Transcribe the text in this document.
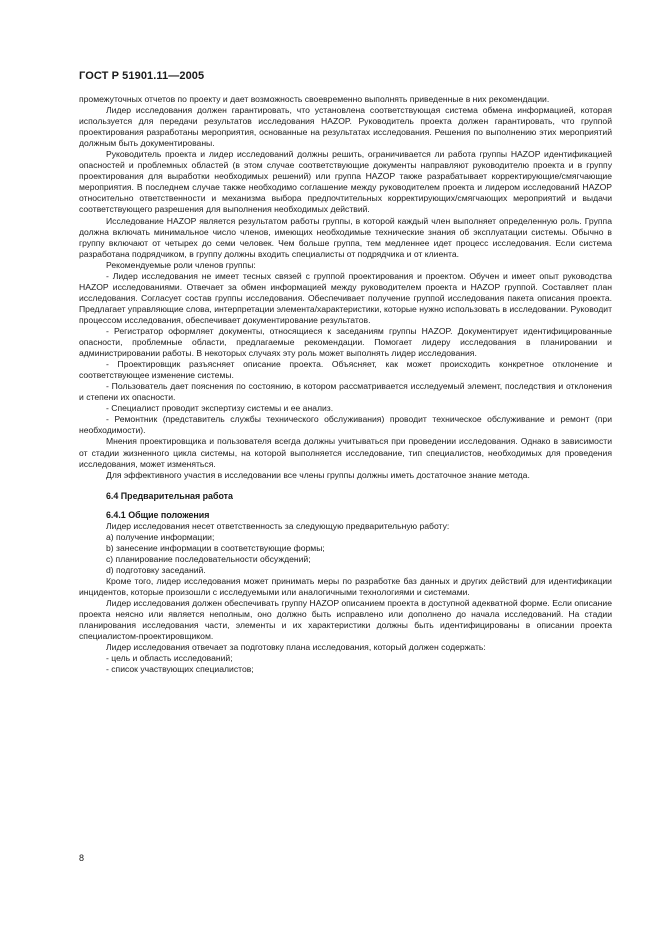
ГОСТ Р 51901.11—2005

промежуточных отчетов по проекту и дает возможность своевременно выполнять приведенные в них рекомендации.

Лидер исследования должен гарантировать, что установлена соответствующая система обмена информацией, которая используется для передачи результатов исследования HAZOP. Руководитель проекта должен гарантировать, что группой проектирования разработаны мероприятия, основанные на результатах исследования. Решения по выполнению этих мероприятий должным быть документированы.

Руководитель проекта и лидер исследований должны решить, ограничивается ли работа группы HAZOP идентификацией опасностей и проблемных областей (в этом случае соответствующие документы направляют руководителю проекта и в группу проектирования для выработки необходимых решений) или группа HAZOP также разрабатывает корректирующие/смягчающие мероприятия. В последнем случае также необходимо соглашение между руководителем проекта и лидером исследований HAZOP относительно ответственности и механизма выбора предпочтительных корректирующих/смягчающих мероприятий и выдачи соответствующего разрешения для выполнения необходимых действий.

Исследование HAZOP является результатом работы группы, в которой каждый член выполняет определенную роль. Группа должна включать минимальное число членов, имеющих необходимые технические знания об эксплуатации системы. Обычно в группу включают от четырех до семи человек. Чем больше группа, тем медленнее идет процесс исследования. Если система разработана подрядчиком, в группу должны входить специалисты от подрядчика и от клиента.

Рекомендуемые роли членов группы:

- Лидер исследования не имеет тесных связей с группой проектирования и проектом. Обучен и имеет опыт руководства HAZOP исследованиями. Отвечает за обмен информацией между руководителем проекта и HAZOP группой. Составляет план исследования. Согласует состав группы исследования. Обеспечивает получение группой исследования пакета описания проекта. Предлагает управляющие слова, интерпретации элемента/характеристики, которые нужно использовать в исследовании. Руководит процессом исследования, обеспечивает документирование результатов.

- Регистратор оформляет документы, относящиеся к заседаниям группы HAZOP. Документирует идентифицированные опасности, проблемные области, предлагаемые рекомендации. Помогает лидеру исследования в планировании и администрировании работы. В некоторых случаях эту роль может выполнять лидер исследования.

- Проектировщик разъясняет описание проекта. Объясняет, как может происходить конкретное отклонение и соответствующее изменение системы.

- Пользователь дает пояснения по состоянию, в котором рассматривается исследуемый элемент, последствия и отклонения и степени их опасности.

- Специалист проводит экспертизу системы и ее анализ.

- Ремонтник (представитель службы технического обслуживания) проводит техническое обслуживание и ремонт (при необходимости).

Мнения проектировщика и пользователя всегда должны учитываться при проведении исследования. Однако в зависимости от стадии жизненного цикла системы, на которой выполняется исследование, тип специалистов, необходимых для проведения исследования, может изменяться.

Для эффективного участия в исследовании все члены группы должны иметь достаточное знание метода.

6.4 Предварительная работа
6.4.1 Общие положения

Лидер исследования несет ответственность за следующую предварительную работу:

a) получение информации;

b) занесение информации в соответствующие формы;

c) планирование последовательности обсуждений;

d) подготовку заседаний.

Кроме того, лидер исследования может принимать меры по разработке баз данных и других действий для идентификации инцидентов, которые произошли с исследуемыми или аналогичными технологиями и системами.

Лидер исследования должен обеспечивать группу HAZOP описанием проекта в доступной адекватной форме. Если описание проекта неясно или является неполным, оно должно быть исправлено или дополнено до начала исследований. На стадии планирования исследования части, элементы и их характеристики должны быть идентифицированы в описании проекта специалистом-проектировщиком.

Лидер исследования отвечает за подготовку плана исследования, который должен содержать:

- цель и область исследований;

- список участвующих специалистов;

8
